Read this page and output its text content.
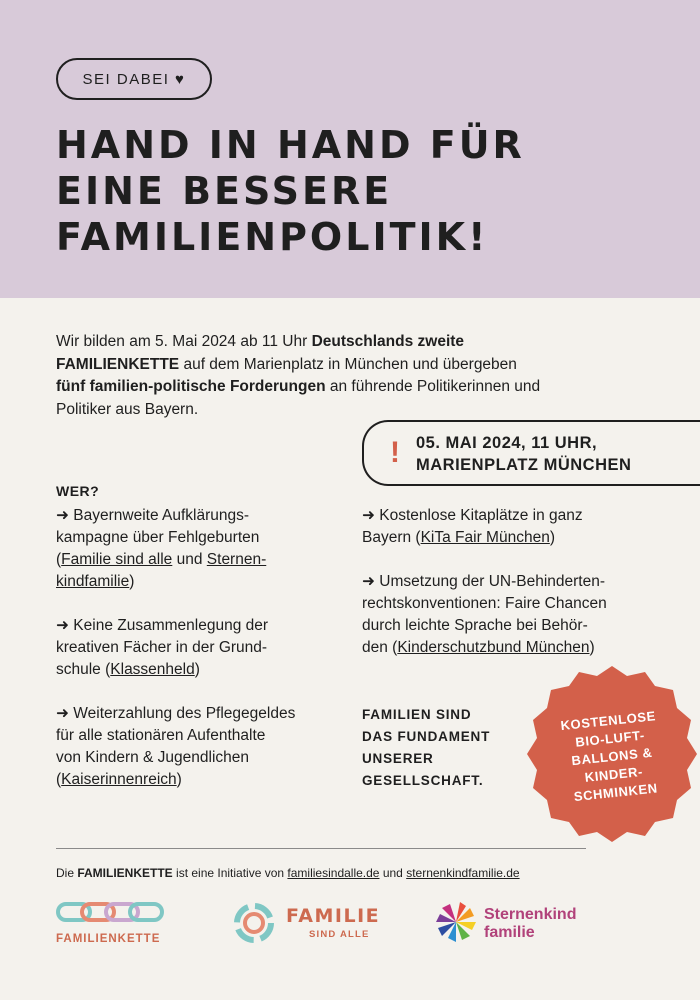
SEI DABEI ♥
HAND IN HAND FÜR
EINE BESSERE
FAMILIENPOLITIK!
Wir bilden am 5. Mai 2024 ab 11 Uhr Deutschlands zweite
FAMILIENKETTE auf dem Marienplatz in München und übergeben
fünf familien-politische Forderungen an führende Politikerinnen und
Politiker aus Bayern.
! 05. MAI 2024, 11 UHR,
MARIENPLATZ MÜNCHEN
WER?
➜ Bayernweite Aufklärungs-
kampagne über Fehlgeburten
(Familie sind alle und Sternen-
kindfamilie)
➜ Keine Zusammenlegung der
kreativen Fächer in der Grund-
schule (Klassenheld)
➜ Weiterzahlung des Pflegegeldes
für alle stationären Aufenthalte
von Kindern & Jugendlichen
(Kaiserinnenreich)
➜ Kostenlose Kitaplätze in ganz
Bayern (KiTa Fair München)
➜ Umsetzung der UN-Behinderten-
rechtskonventionen: Faire Chancen
durch leichte Sprache bei Behör-
den (Kinderschutzbund München)
FAMILIEN SIND
DAS FUNDAMENT
UNSERER
GESELLSCHAFT.
KOSTENLOSE
BIO-LUFT-
BALLONS &
KINDER-
SCHMINKEN
Die FAMILIENKETTE ist eine Initiative von familiesindalle.de und sternenkindfamilie.de
FAMILIENKETTE
FAMILIE
SIND ALLE
Sternenkind
familie
